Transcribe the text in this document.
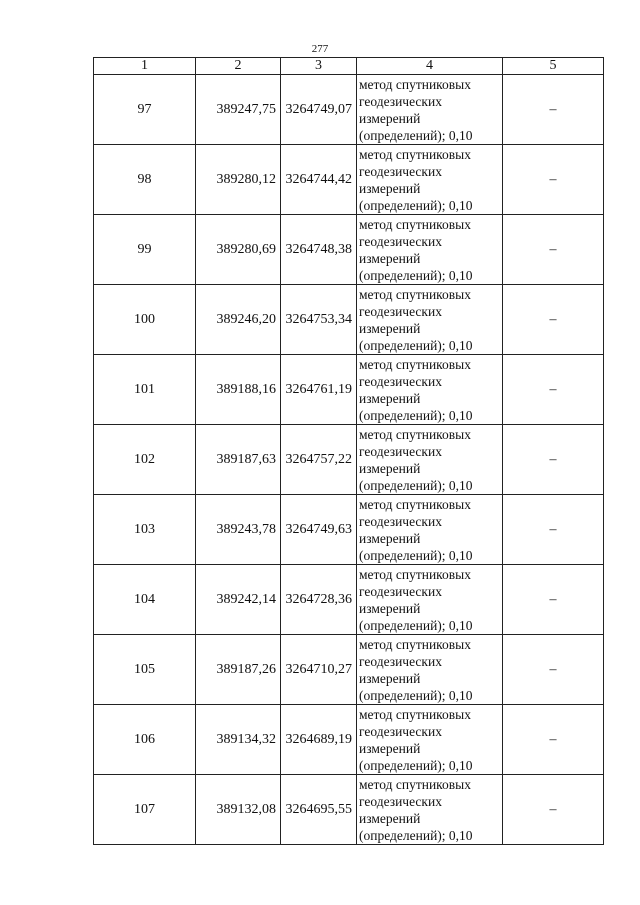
277
1	2	3	4	5
97	389247,75	3264749,07	метод спутниковых
геодезических
измерений
(определений); 0,10	–
98	389280,12	3264744,42	метод спутниковых
геодезических
измерений
(определений); 0,10	–
99	389280,69	3264748,38	метод спутниковых
геодезических
измерений
(определений); 0,10	–
100	389246,20	3264753,34	метод спутниковых
геодезических
измерений
(определений); 0,10	–
101	389188,16	3264761,19	метод спутниковых
геодезических
измерений
(определений); 0,10	–
102	389187,63	3264757,22	метод спутниковых
геодезических
измерений
(определений); 0,10	–
103	389243,78	3264749,63	метод спутниковых
геодезических
измерений
(определений); 0,10	–
104	389242,14	3264728,36	метод спутниковых
геодезических
измерений
(определений); 0,10	–
105	389187,26	3264710,27	метод спутниковых
геодезических
измерений
(определений); 0,10	–
106	389134,32	3264689,19	метод спутниковых
геодезических
измерений
(определений); 0,10	–
107	389132,08	3264695,55	метод спутниковых
геодезических
измерений
(определений); 0,10	–
